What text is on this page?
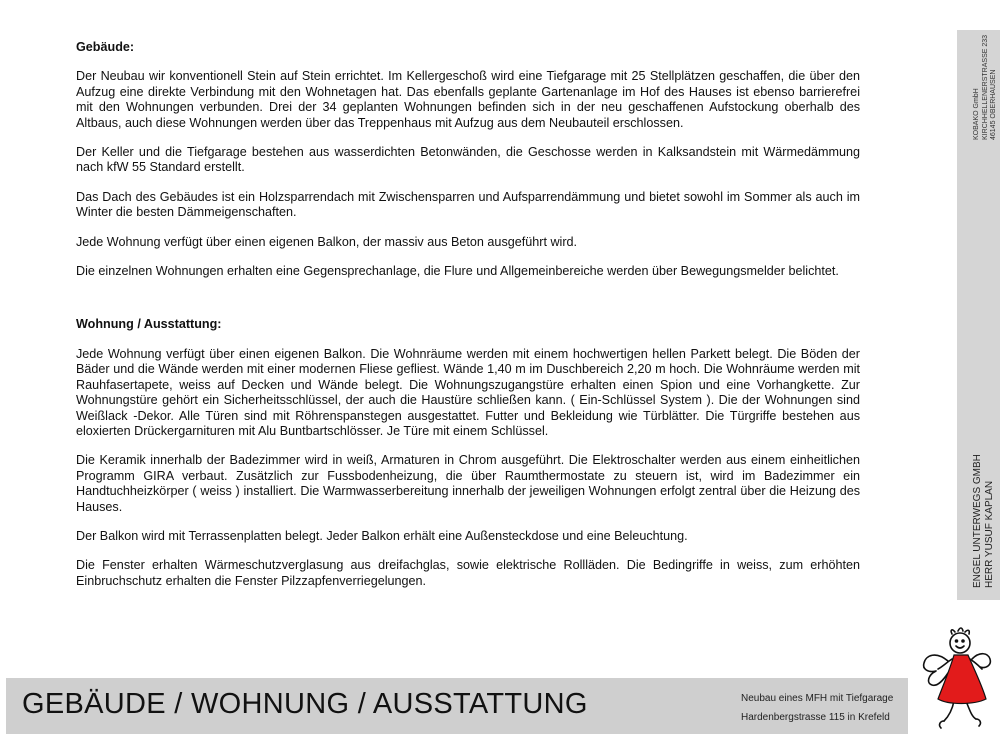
Gebäude:

Der Neubau wir konventionell Stein auf Stein errichtet. Im Kellergeschoß wird eine Tiefgarage mit 25 Stellplätzen geschaffen, die über den Aufzug eine direkte Verbindung mit den Wohnetagen hat. Das ebenfalls geplante Gartenanlage im Hof des Hauses ist ebenso barrierefrei mit den Wohnungen verbunden. Drei der 34 geplanten Wohnungen befinden sich in der neu geschaffenen Aufstockung oberhalb des Altbaus, auch diese Wohnungen werden über das Treppenhaus mit Aufzug aus dem Neubauteil erschlossen.

Der Keller und die Tiefgarage bestehen aus wasserdichten Betonwänden, die Geschosse werden in Kalksandstein mit Wärmedämmung nach kfW 55 Standard erstellt.

Das Dach des Gebäudes ist ein Holzsparrendach mit Zwischensparren und Aufsparrendämmung und bietet sowohl im Sommer als auch im Winter die besten Dämmeigenschaften.

Jede Wohnung verfügt über einen eigenen Balkon, der massiv aus Beton ausgeführt wird.

Die einzelnen Wohnungen erhalten eine Gegensprechanlage, die Flure und Allgemeinbereiche werden über Bewegungsmelder belichtet.

Wohnung / Ausstattung:

Jede Wohnung verfügt über einen eigenen Balkon. Die Wohnräume werden mit einem hochwertigen hellen Parkett belegt. Die Böden der Bäder und die Wände werden mit einer modernen Fliese gefliest. Wände 1,40 m im Duschbereich 2,20 m hoch. Die Wohnräume werden mit Rauhfasertapete, weiss auf Decken und Wände belegt. Die Wohnungszugangstüre erhalten einen Spion und eine Vorhangkette. Zur Wohnungstüre gehört ein Sicherheitsschlüssel, der auch die Haustüre schließen kann. ( Ein-Schlüssel System ). Die der Wohnungen sind Weißlack -Dekor. Alle Türen sind mit Röhrenspanstegen ausgestattet. Futter und Bekleidung wie Türblätter. Die Türgriffe bestehen aus eloxierten Drückergarnituren mit Alu Buntbartschlösser. Je Türe mit einem Schlüssel.

Die Keramik innerhalb der Badezimmer wird in weiß, Armaturen in Chrom ausgeführt. Die Elektroschalter werden aus einem einheitlichen Programm GIRA verbaut. Zusätzlich zur Fussbodenheizung, die über Raumthermostate zu steuern ist, wird im Badezimmer ein Handtuchheizkörper ( weiss ) installiert. Die Warmwasserbereitung innerhalb der jeweiligen Wohnungen erfolgt zentral über die Heizung des Hauses.

Der Balkon wird mit Terrassenplatten belegt. Jeder Balkon erhält eine Außensteckdose und eine Beleuchtung.

Die Fenster erhalten Wärmeschutzverglasung aus dreifachglas, sowie elektrische Rollläden. Die Bedingriffe in weiss, zum erhöhten Einbruchschutz erhalten die Fenster Pilzzapfenverriegelungen.

KOBAKO GmbH KIRCHHELLENERSTRASSE 233 46145 OBERHAUSEN
ENGEL UNTERWEGS GMBH HERR YUSUF KAPLAN
GEBÄUDE / WOHNUNG / AUSSTATTUNG	Neubau eines MFH mit Tiefgarage
Hardenbergstrasse 115 in Krefeld
